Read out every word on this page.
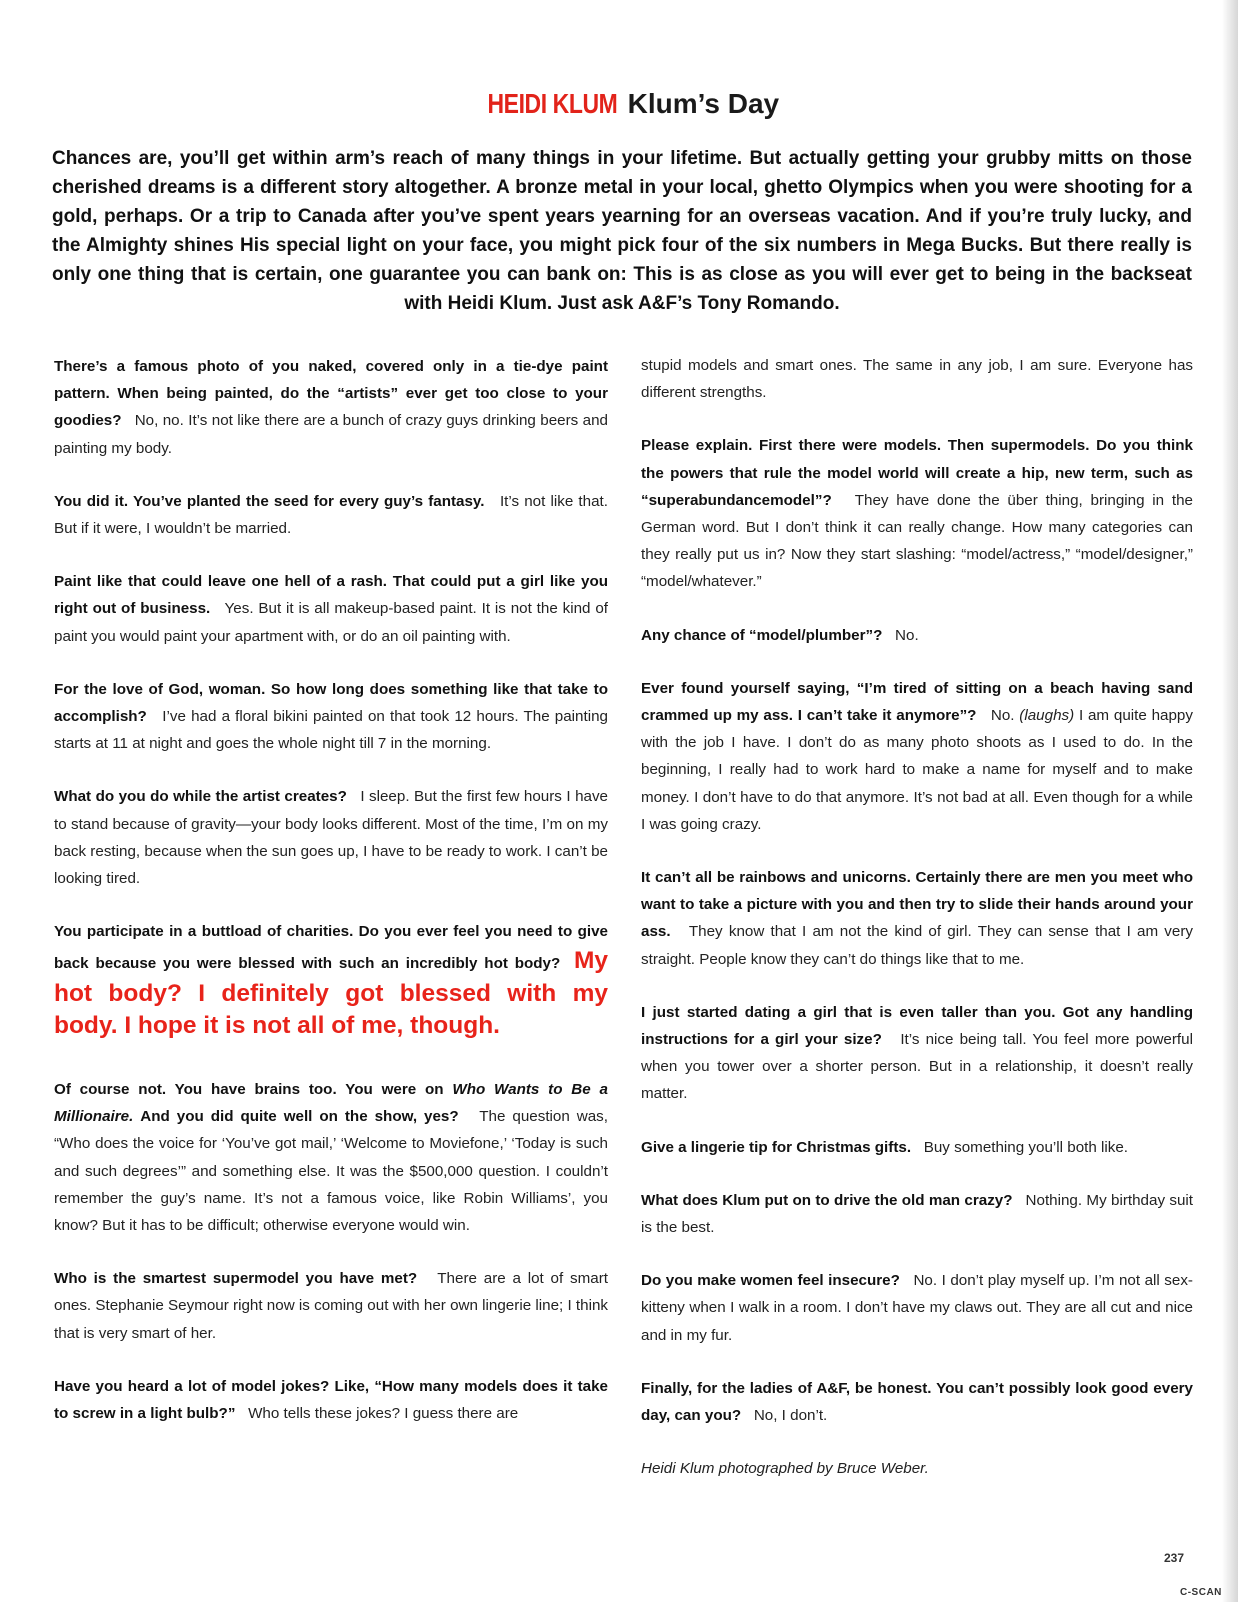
HEIDI KLUM Klum’s Day
Chances are, you’ll get within arm’s reach of many things in your lifetime. But actually getting your grubby mitts on those cherished dreams is a different story altogether. A bronze metal in your local, ghetto Olympics when you were shooting for a gold, perhaps. Or a trip to Canada after you’ve spent years yearning for an overseas vacation. And if you’re truly lucky, and the Almighty shines His special light on your face, you might pick four of the six numbers in Mega Bucks. But there really is only one thing that is certain, one guarantee you can bank on: This is as close as you will ever get to being in the backseat with Heidi Klum. Just ask A&F’s Tony Romando.

There’s a famous photo of you naked, covered only in a tie-dye paint pattern. When being painted, do the “artists” ever get too close to your goodies? No, no. It’s not like there are a bunch of crazy guys drinking beers and painting my body.

You did it. You’ve planted the seed for every guy’s fantasy. It’s not like that. But if it were, I wouldn’t be married.

Paint like that could leave one hell of a rash. That could put a girl like you right out of business. Yes. But it is all makeup-based paint. It is not the kind of paint you would paint your apartment with, or do an oil painting with.

For the love of God, woman. So how long does something like that take to accomplish? I’ve had a floral bikini painted on that took 12 hours. The painting starts at 11 at night and goes the whole night till 7 in the morning.

What do you do while the artist creates? I sleep. But the first few hours I have to stand because of gravity—your body looks different. Most of the time, I’m on my back resting, because when the sun goes up, I have to be ready to work. I can’t be looking tired.

You participate in a buttload of charities. Do you ever feel you need to give back because you were blessed with such an incredibly hot body? My hot body? I definitely got blessed with my body. I hope it is not all of me, though.

Of course not. You have brains too. You were on Who Wants to Be a Millionaire. And you did quite well on the show, yes? The question was, “Who does the voice for ‘You’ve got mail,’ ‘Welcome to Moviefone,’ ‘Today is such and such degrees’” and something else. It was the $500,000 question. I couldn’t remember the guy’s name. It’s not a famous voice, like Robin Williams’, you know? But it has to be difficult; otherwise everyone would win.

Who is the smartest supermodel you have met? There are a lot of smart ones. Stephanie Seymour right now is coming out with her own lingerie line; I think that is very smart of her.

Have you heard a lot of model jokes? Like, “How many models does it take to screw in a light bulb?” Who tells these jokes? I guess there are

stupid models and smart ones. The same in any job, I am sure. Everyone has different strengths.

Please explain. First there were models. Then supermodels. Do you think the powers that rule the model world will create a hip, new term, such as “superabundancemodel”? They have done the über thing, bringing in the German word. But I don’t think it can really change. How many categories can they really put us in? Now they start slashing: “model/actress,” “model/designer,” “model/whatever.”

Any chance of “model/plumber”? No.

Ever found yourself saying, “I’m tired of sitting on a beach having sand crammed up my ass. I can’t take it anymore”? No. (laughs) I am quite happy with the job I have. I don’t do as many photo shoots as I used to do. In the beginning, I really had to work hard to make a name for myself and to make money. I don’t have to do that anymore. It’s not bad at all. Even though for a while I was going crazy.

It can’t all be rainbows and unicorns. Certainly there are men you meet who want to take a picture with you and then try to slide their hands around your ass. They know that I am not the kind of girl. They can sense that I am very straight. People know they can’t do things like that to me.

I just started dating a girl that is even taller than you. Got any handling instructions for a girl your size? It’s nice being tall. You feel more powerful when you tower over a shorter person. But in a relationship, it doesn’t really matter.

Give a lingerie tip for Christmas gifts. Buy something you’ll both like.

What does Klum put on to drive the old man crazy? Nothing. My birthday suit is the best.

Do you make women feel insecure? No. I don’t play myself up. I’m not all sex-kitteny when I walk in a room. I don’t have my claws out. They are all cut and nice and in my fur.

Finally, for the ladies of A&F, be honest. You can’t possibly look good every day, can you? No, I don’t.

Heidi Klum photographed by Bruce Weber.

237
C-SCAN
